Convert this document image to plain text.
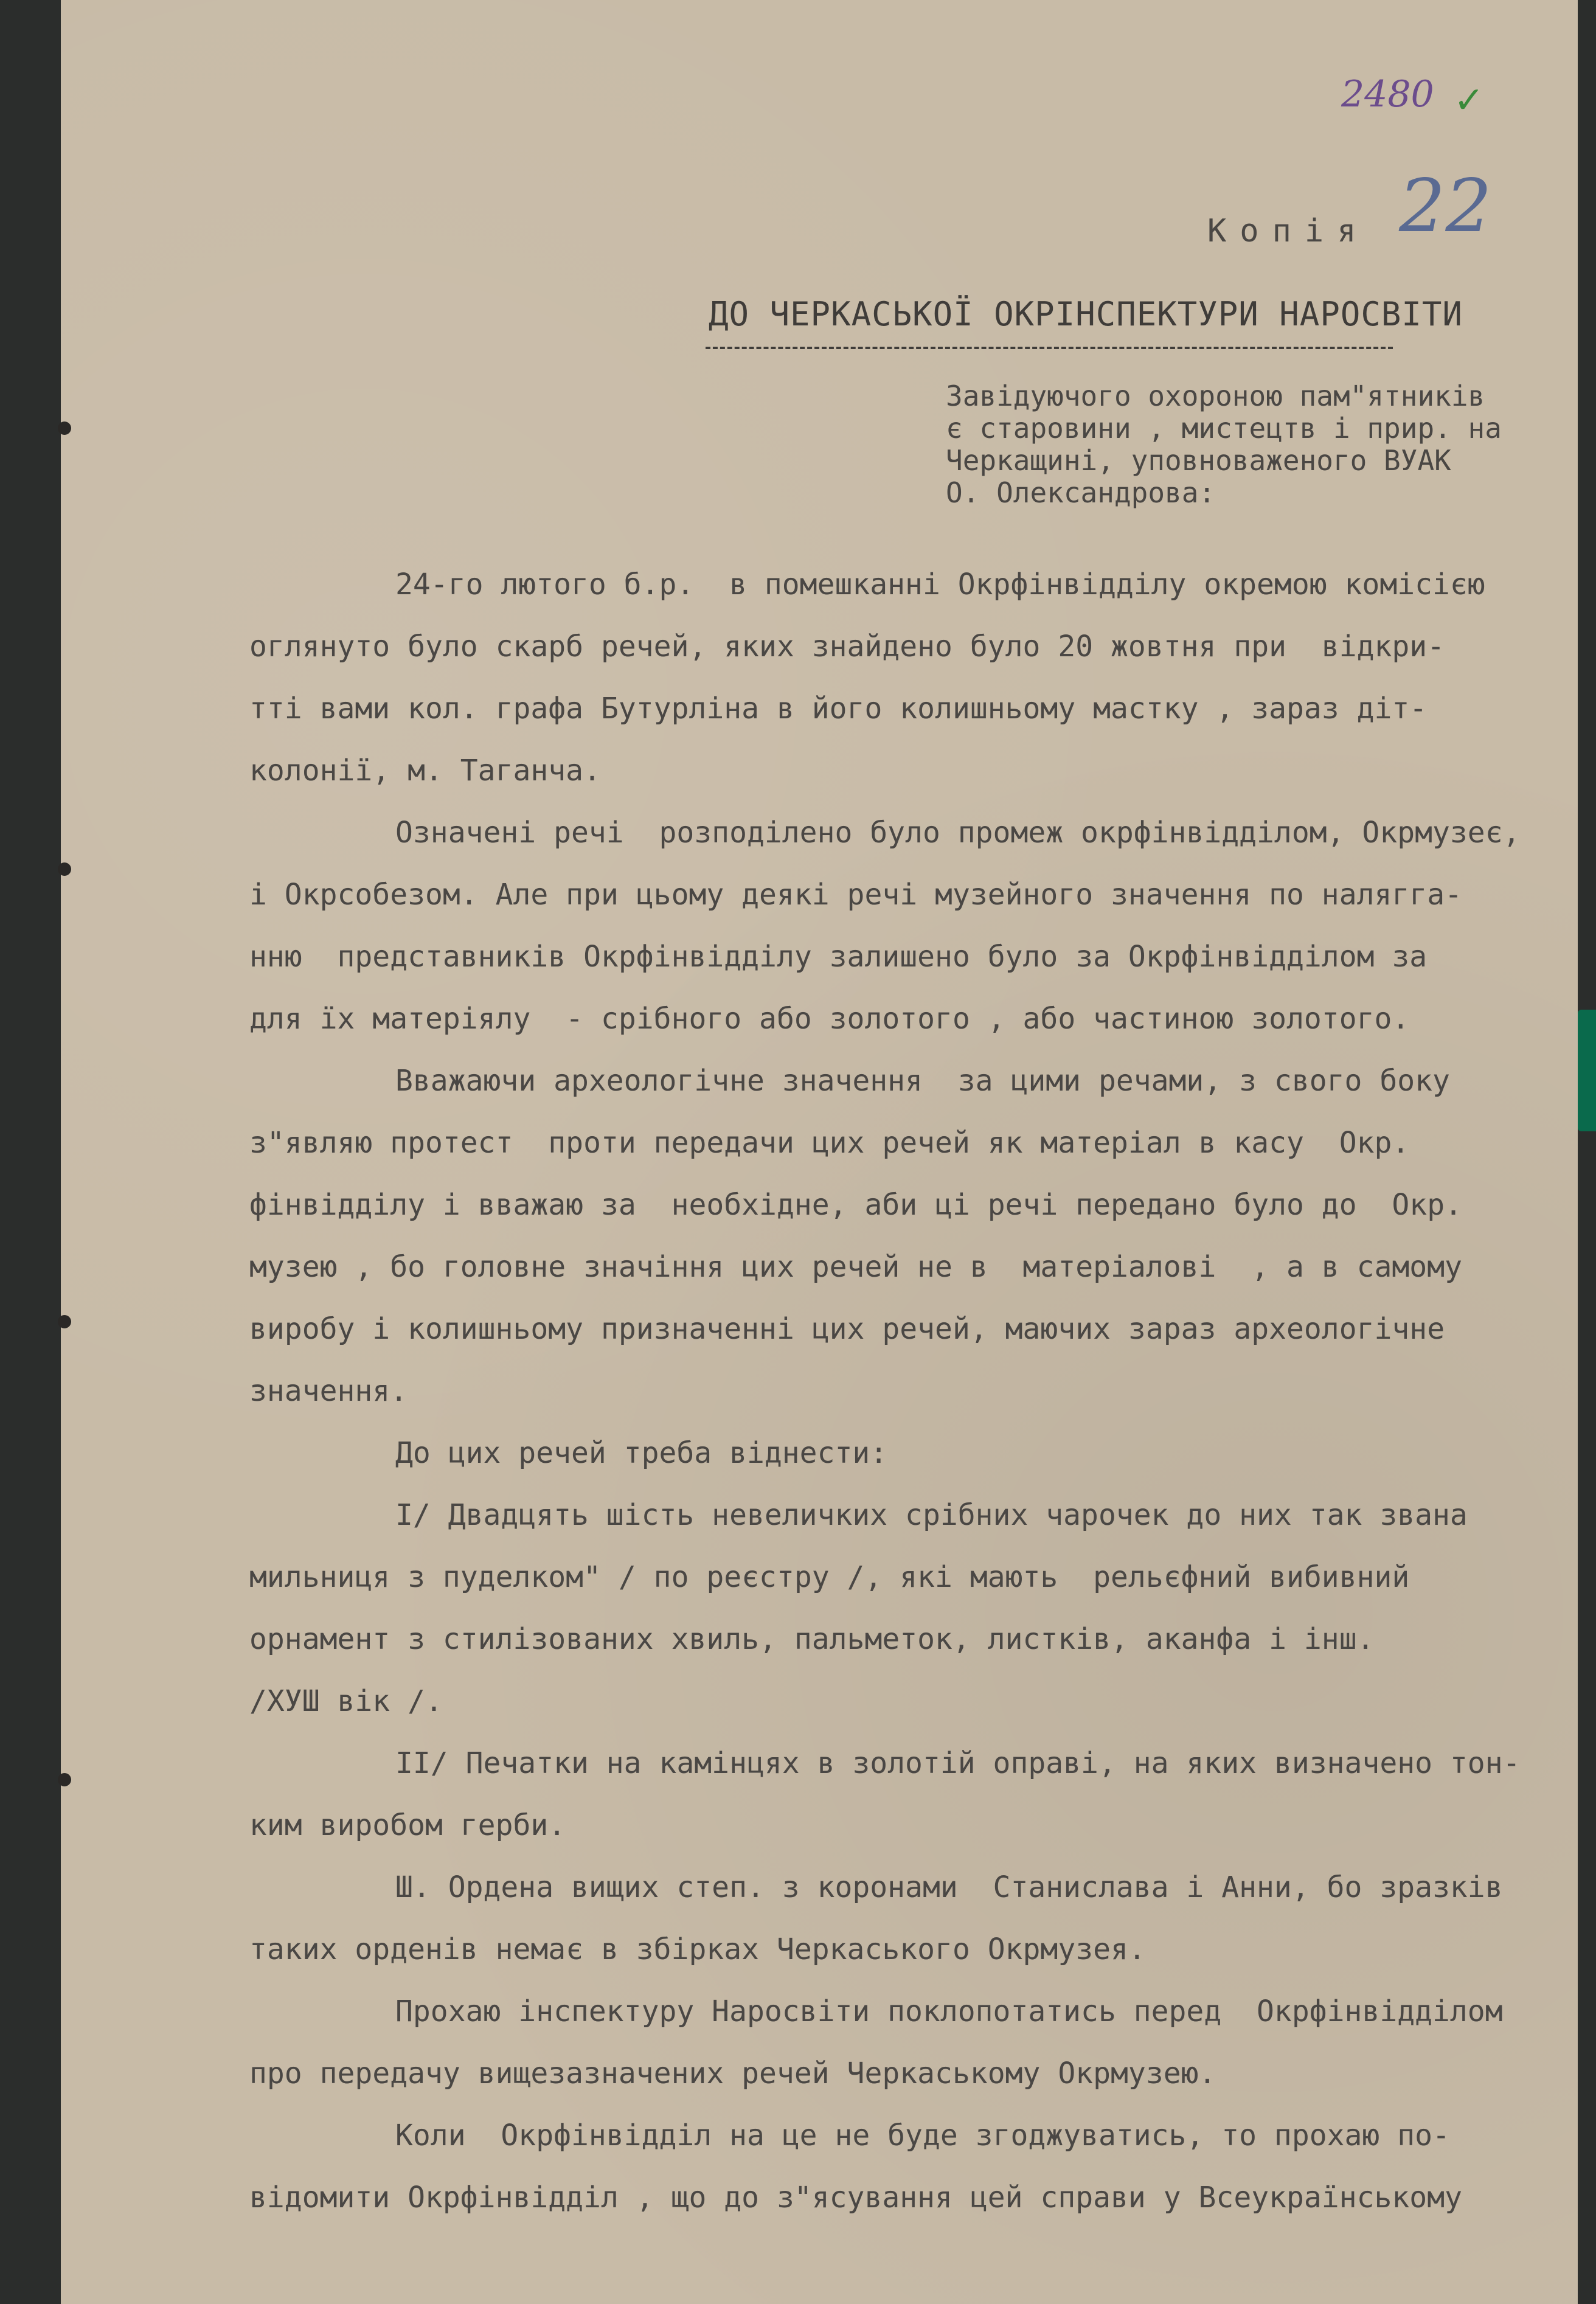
2480 ✓
22
Копія
ДО ЧЕРКАСЬКОЇ ОКРІНСПЕКТУРИ НАРОСВІТИ
Завідуючого охороною пам"ятників
є старовини , мистецтв і прир. на
Черкащині, уповноваженого ВУАК
О. Олександрова:

24-го лютого б.р.  в помешканні Окрфінвідділу окремою комісією

оглянуто було скарб речей, яких знайдено було 20 жовтня при  відкри-

тті вами кол. графа Бутурліна в його колишньому мастку , зараз діт-

колонії, м. Таганча.

Означені речі  розподілено було промеж окрфінвідділом, Окрмузеє,

і Окрсобезом. Але при цьому деякі речі музейного значення по налягга-

нню  представників Окрфінвідділу залишено було за Окрфінвідділом за

для їх матеріялу  - срібного або золотого , або частиною золотого.

Вважаючи археологічне значення  за цими речами, з свого боку

з"являю протест  проти передачи цих речей як матеріал в касу  Окр.

фінвідділу і вважаю за  необхідне, аби ці речі передано було до  Окр.

музею , бо головне значіння цих речей не в  матеріалові  , а в самому

виробу і колишньому призначенні цих речей, маючих зараз археологічне

значення.

До цих речей треба віднести:

І/ Двадцять шість невеличких срібних чарочек до них так звана

мильниця з пуделком" / по реєстру /, які мають  рельєфний вибивний

орнамент з стилізованих хвиль, пальметок, листків, аканфа і інш.

/ХУШ вік /.

ІІ/ Печатки на камінцях в золотій оправі, на яких визначено тон-

ким виробом герби.

Ш. Ордена вищих степ. з коронами  Станислава і Анни, бо зразків

таких орденів немає в збірках Черкаського Окрмузея.

Прохаю інспектуру Наросвіти поклопотатись перед  Окрфінвідділом

про передачу вищезазначених речей Черкаському Окрмузею.

Коли  Окрфінвідділ на це не буде згоджуватись, то прохаю по-

відомити Окрфінвідділ , що до з"ясування цей справи у Всеукраїнському
